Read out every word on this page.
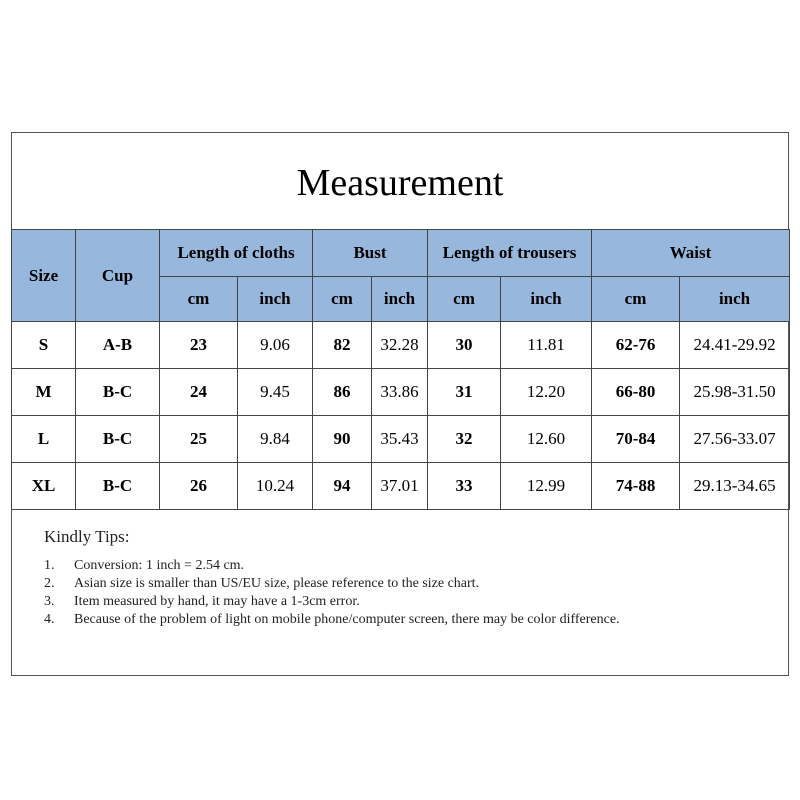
Measurement
Size	Cup	Length of cloths		Bust		Length of trousers		Waist	
		cm	inch	cm	inch	cm	inch	cm	inch
S	A-B	23	9.06	82	32.28	30	11.81	62-76	24.41-29.92
M	B-C	24	9.45	86	33.86	31	12.20	66-80	25.98-31.50
L	B-C	25	9.84	90	35.43	32	12.60	70-84	27.56-33.07
XL	B-C	26	10.24	94	37.01	33	12.99	74-88	29.13-34.65
Kindly Tips:
1.	Conversion: 1 inch = 2.54 cm.
2.	Asian size is smaller than US/EU size, please reference to the size chart.
3.	Item measured by hand, it may have a 1-3cm error.
4.	Because of the problem of light on mobile phone/computer screen, there may be color difference.
